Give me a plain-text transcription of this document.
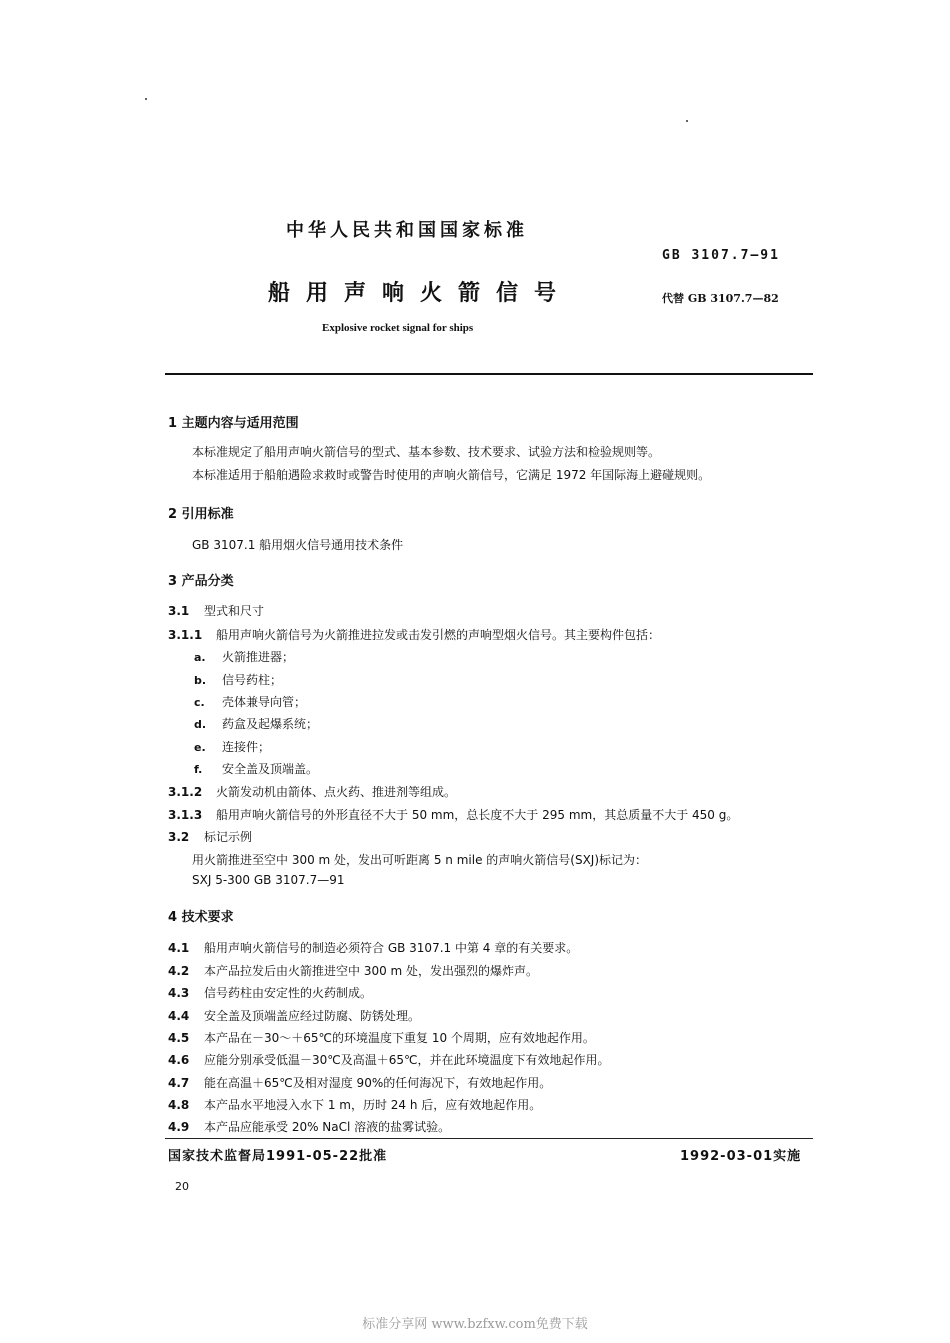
中华人民共和国国家标准
GB 3107.7—91
船用声响火箭信号	代替 GB 3107.7—82
Explosive rocket signal for ships
1 主题内容与适用范围
本标准规定了船用声响火箭信号的型式、基本参数、技术要求、试验方法和检验规则等。
本标准适用于船舶遇险求救时或警告时使用的声响火箭信号，它满足 1972 年国际海上避碰规则。
2 引用标准
GB 3107.1 船用烟火信号通用技术条件
3 产品分类
3.1 型式和尺寸
3.1.1 船用声响火箭信号为火箭推进拉发或击发引燃的声响型烟火信号。其主要构件包括：
a. 火箭推进器；
b. 信号药柱；
c. 壳体兼导向管；
d. 药盒及起爆系统；
e. 连接件；
f. 安全盖及顶端盖。
3.1.2 火箭发动机由箭体、点火药、推进剂等组成。
3.1.3 船用声响火箭信号的外形直径不大于 50 mm，总长度不大于 295 mm，其总质量不大于 450 g。
3.2 标记示例
用火箭推进至空中 300 m 处，发出可听距离 5 n mile 的声响火箭信号(SXJ)标记为：
SXJ 5-300 GB 3107.7—91
4 技术要求
4.1 船用声响火箭信号的制造必须符合 GB 3107.1 中第 4 章的有关要求。
4.2 本产品拉发后由火箭推进空中 300 m 处，发出强烈的爆炸声。
4.3 信号药柱由安定性的火药制成。
4.4 安全盖及顶端盖应经过防腐、防锈处理。
4.5 本产品在－30～＋65℃的环境温度下重复 10 个周期，应有效地起作用。
4.6 应能分别承受低温－30℃及高温＋65℃，并在此环境温度下有效地起作用。
4.7 能在高温＋65℃及相对湿度 90%的任何海况下，有效地起作用。
4.8 本产品水平地浸入水下 1 m，历时 24 h 后，应有效地起作用。
4.9 本产品应能承受 20% NaCl 溶液的盐雾试验。
国家技术监督局1991-05-22批准	1992-03-01实施
20
标准分享网 www.bzfxw.com免费下载
